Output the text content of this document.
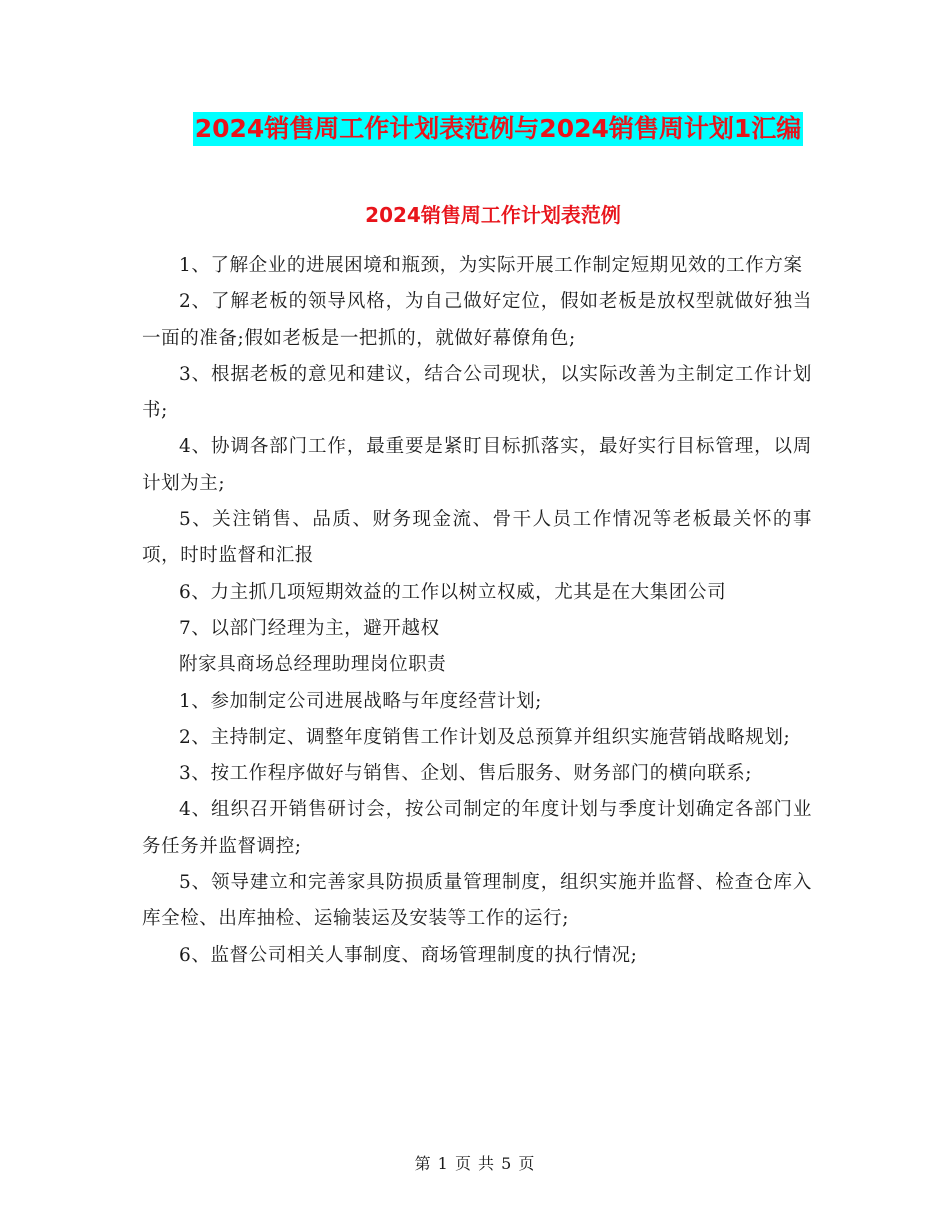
2024销售周工作计划表范例与2024销售周计划1汇编
2024销售周工作计划表范例

1、了解企业的进展困境和瓶颈，为实际开展工作制定短期见效的工作方案

2、了解老板的领导风格，为自己做好定位，假如老板是放权型就做好独当一面的准备;假如老板是一把抓的，就做好幕僚角色;

3、根据老板的意见和建议，结合公司现状，以实际改善为主制定工作计划书;

4、协调各部门工作，最重要是紧盯目标抓落实，最好实行目标管理，以周计划为主;

5、关注销售、品质、财务现金流、骨干人员工作情况等老板最关怀的事项，时时监督和汇报

6、力主抓几项短期效益的工作以树立权威，尤其是在大集团公司

7、以部门经理为主，避开越权

附家具商场总经理助理岗位职责

1、参加制定公司进展战略与年度经营计划;

2、主持制定、调整年度销售工作计划及总预算并组织实施营销战略规划;

3、按工作程序做好与销售、企划、售后服务、财务部门的横向联系;

4、组织召开销售研讨会，按公司制定的年度计划与季度计划确定各部门业务任务并监督调控;

5、领导建立和完善家具防损质量管理制度，组织实施并监督、检查仓库入库全检、出库抽检、运输装运及安装等工作的运行;

6、监督公司相关人事制度、商场管理制度的执行情况;

第 1 页 共 5 页
